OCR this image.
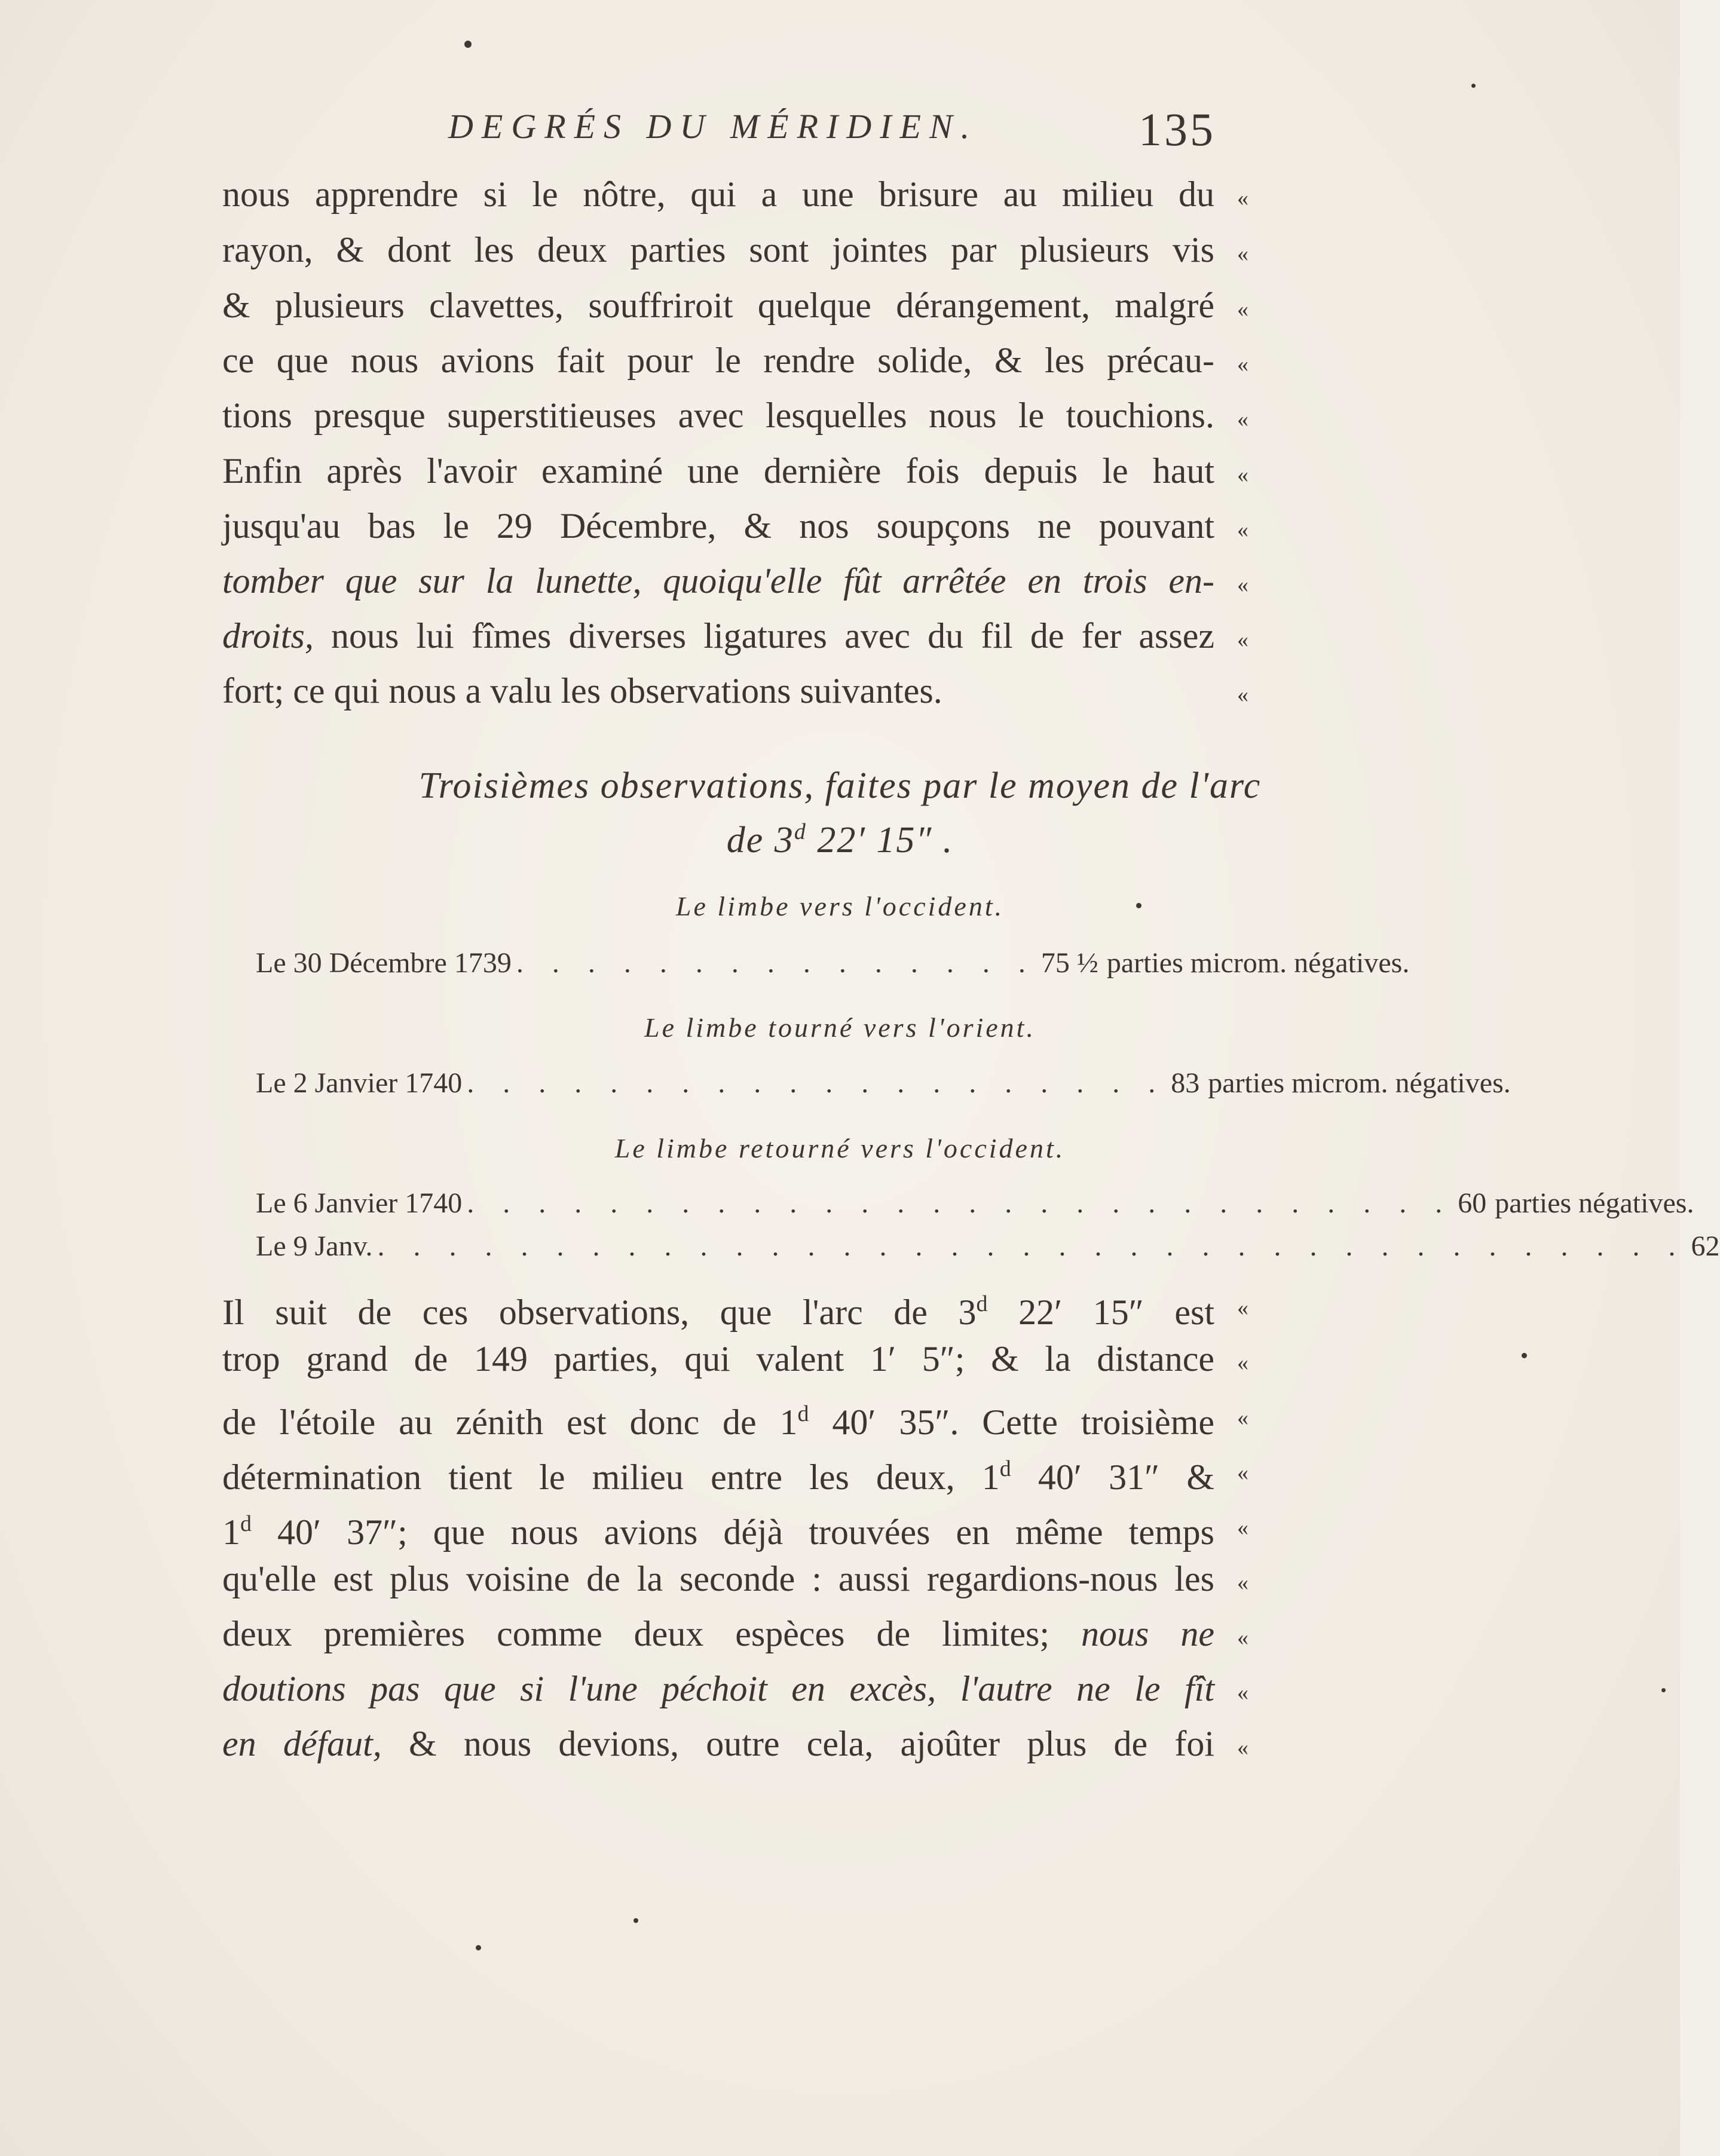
DEGRÉS DU MÉRIDIEN.	135
nous apprendre si le nôtre, qui a une brisure au milieu du «
rayon, & dont les deux parties sont jointes par plusieurs vis «
& plusieurs clavettes, souffriroit quelque dérangement, malgré «
ce que nous avions fait pour le rendre solide, & les précau- «
tions presque superstitieuses avec lesquelles nous le touchions. «
Enfin après l'avoir examiné une dernière fois depuis le haut «
jusqu'au bas le 29 Décembre, & nos soupçons ne pouvant «
tomber que sur la lunette, quoiqu'elle fût arrêtée en trois en- «
droits, nous lui fîmes diverses ligatures avec du fil de fer assez «
fort; ce qui nous a valu les observations suivantes.	«
Troisièmes observations, faites par le moyen de l'arc
de 3$^d$ 22′ 15″ .
Le limbe vers l'occident.
Le 30 Décembre 1739 . . . . . . . . . . . . . . . 75 ½ parties microm. négatives.
Le limbe tourné vers l'orient.
Le 2 Janvier 1740 . . . . . . . . . . . . . . . . . . . . 83 parties microm. négatives.
Le limbe retourné vers l'occident.
Le 6 Janvier 1740 . . . . . . . . . . . . . . . . . . . . . . . . . . . . 60 parties négatives.
Le 9 Janv. . . . . . . . . . . . . . . . . . . . . . . . . . . . . . . . . . . . . . 62
Il suit de ces observations, que l'arc de 3$^d$ 22′ 15″ est «
trop grand de 149 parties, qui valent 1′ 5″; & la distance «
de l'étoile au zénith est donc de 1$^d$ 40′ 35″. Cette troisième «
détermination tient le milieu entre les deux, 1$^d$ 40′ 31″ & «
1$^d$ 40′ 37″; que nous avions déjà trouvées en même temps «
qu'elle est plus voisine de la seconde : aussi regardions-nous les «
deux premières comme deux espèces de limites; nous ne «
doutions pas que si l'une péchoit en excès, l'autre ne le fît «
en défaut, & nous devions, outre cela, ajoûter plus de foi «
